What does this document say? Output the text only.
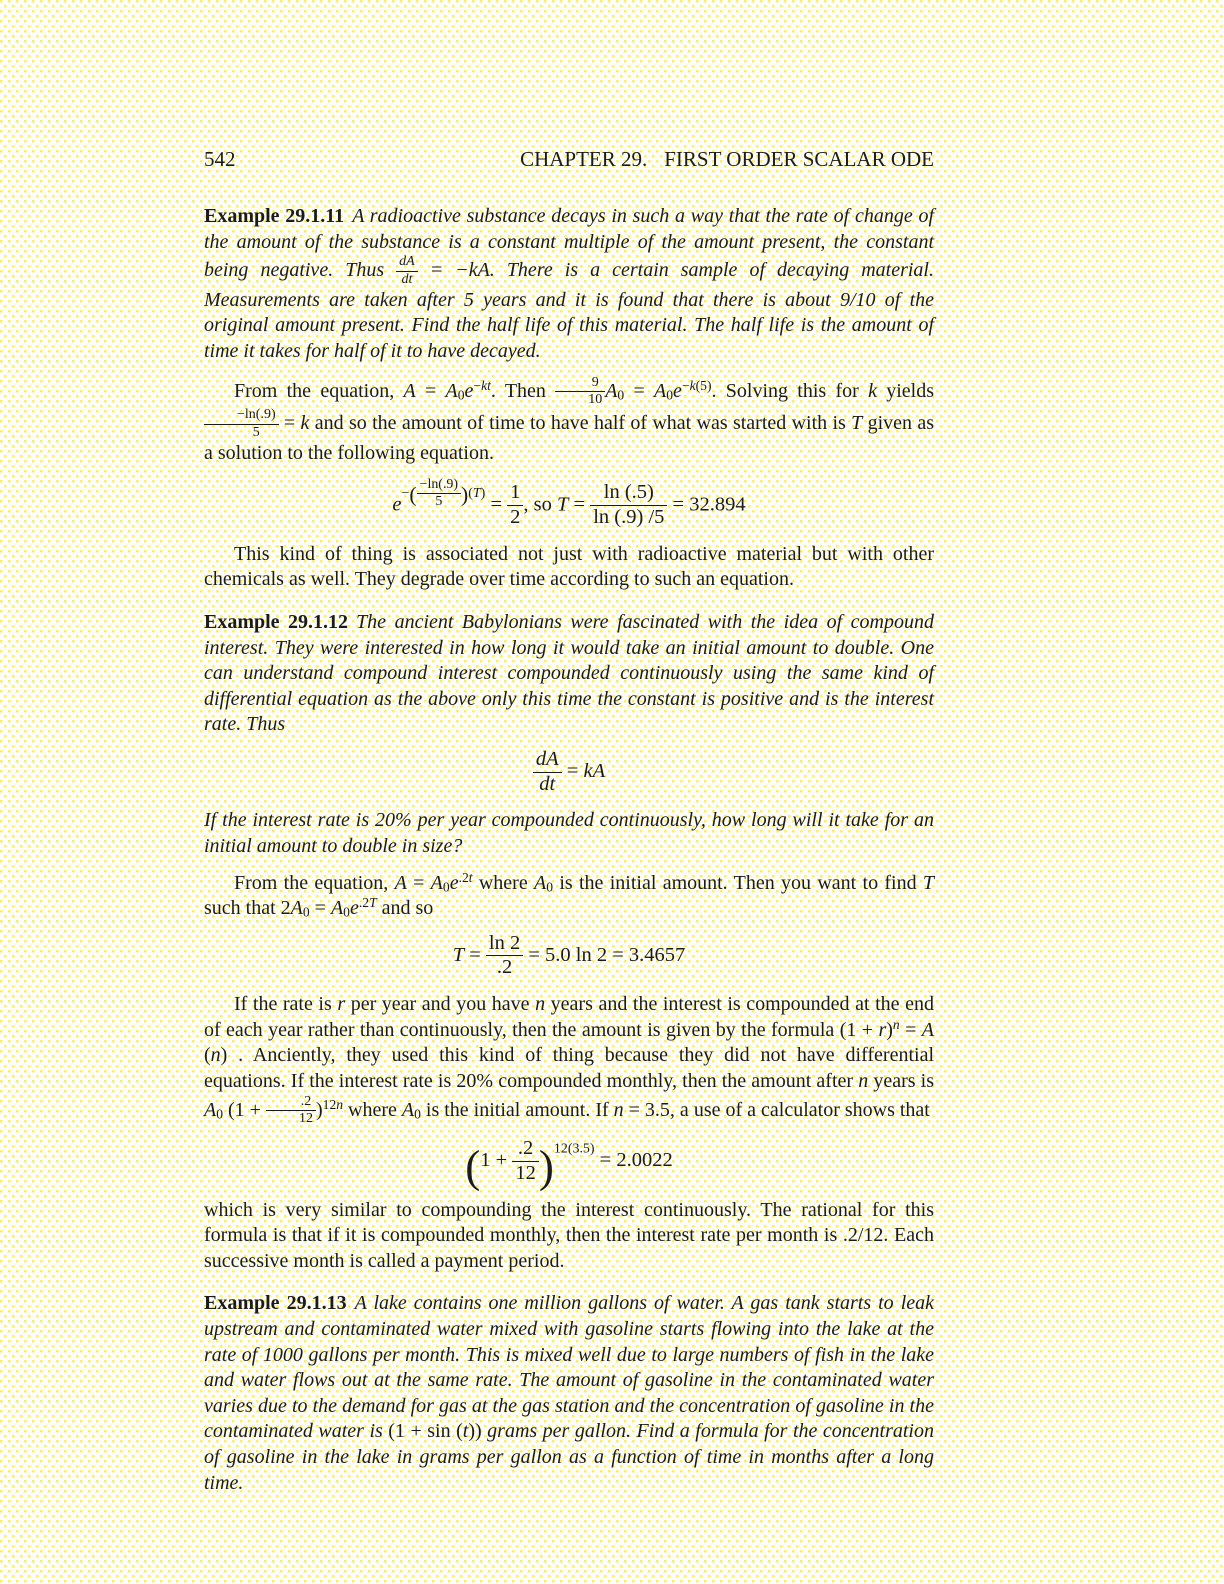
542	CHAPTER 29. FIRST ORDER SCALAR ODE

Example 29.1.11 A radioactive substance decays in such a way that the rate of change of the amount of the substance is a constant multiple of the amount present, the constant being negative. Thus $\frac{dA}{dt} = -kA$. There is a certain sample of decaying material. Measurements are taken after 5 years and it is found that there is about 9/10 of the original amount present. Find the half life of this material. The half life is the amount of time it takes for half of it to have decayed.

From the equation, $A = A0e^{-kt}$. Then $\frac{9}{10} A0 = A0e^{-k(5)}$. Solving this for k yields
$\frac{-\ln(.9)}{5} = k$ and so the amount of time to have half of what was started with is T given as a solution to the following equation.

$e^{-( \frac{-\ln(.9)}{5} )(T)} = \frac{1}{2}$ , so $T = \frac{\ln (.5)}{\ln (.9) /5} = 32.894$

This kind of thing is associated not just with radioactive material but with other chemicals as well. They degrade over time according to such an equation.

Example 29.1.12 The ancient Babylonians were fascinated with the idea of compound interest. They were interested in how long it would take an initial amount to double. One can understand compound interest compounded continuously using the same kind of differential equation as the above only this time the constant is positive and is the interest rate. Thus

$\frac{dA}{dt}$ = kA

If the interest rate is 20% per year compounded continuously, how long will it take for an initial amount to double in size?

From the equation, $A = A0e^{.2t}$ where A0 is the initial amount. Then you want to find T such that $2A0 = A0e^{.2T}$ and so

$T = \frac{\ln 2}{.2} = 5.0$ ln 2 = 3.4657

If the rate is r per year and you have n years and the interest is compounded at the end of each year rather than continuously, then the amount is given by the formula $(1 + r)^n = A$ (n) . Anciently, they used this kind of thing because they did not have differential equations. If the interest rate is 20% compounded monthly, then the amount after n years is A0 $(1 + \frac{.2}{12} )^{12n}$ where A0 is the initial amount. If n = 3.5, a use of a calculator shows that

$(1 + \frac{.2}{12} )^{12(3.5)} = 2.0022$

which is very similar to compounding the interest continuously. The rational for this formula is that if it is compounded monthly, then the interest rate per month is .2/12. Each successive month is called a payment period.

Example 29.1.13 A lake contains one million gallons of water. A gas tank starts to leak upstream and contaminated water mixed with gasoline starts flowing into the lake at the rate of 1000 gallons per month. This is mixed well due to large numbers of fish in the lake and water flows out at the same rate. The amount of gasoline in the contaminated water varies due to the demand for gas at the gas station and the concentration of gasoline in the contaminated water is (1 + sin (t)) grams per gallon. Find a formula for the concentration of gasoline in the lake in grams per gallon as a function of time in months after a long time.
